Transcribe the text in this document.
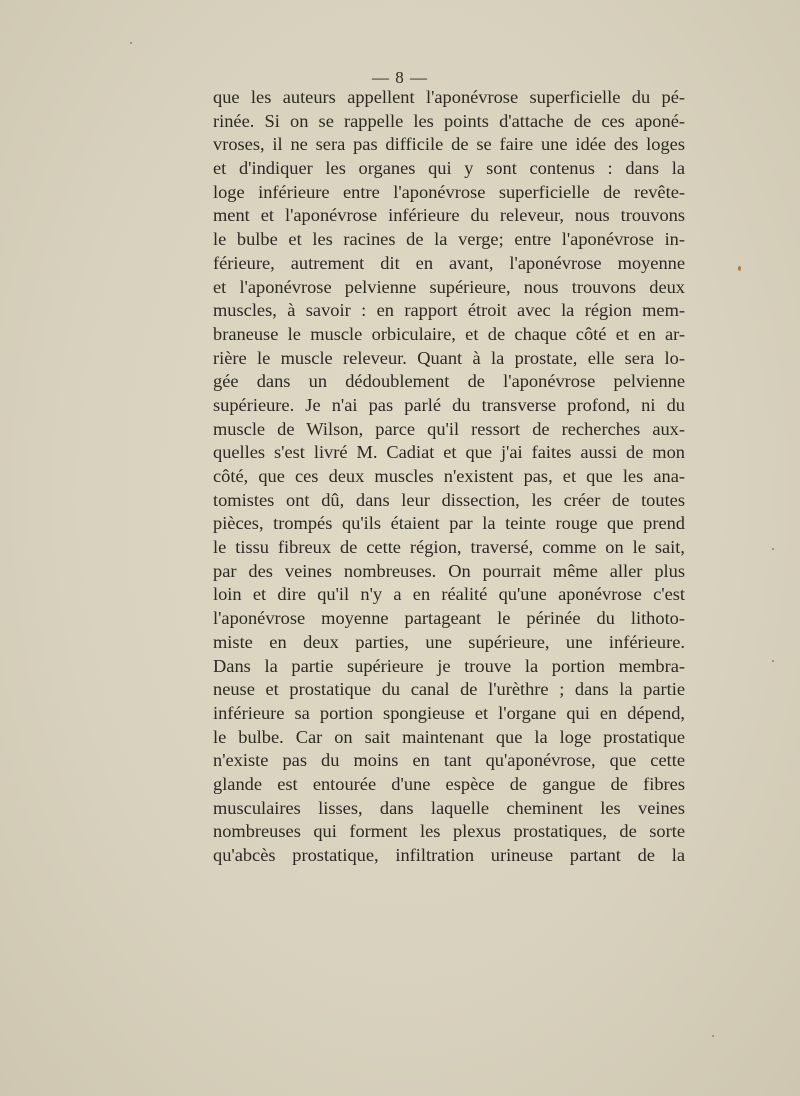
— 8 —
que les auteurs appellent l'aponévrose superficielle du pé-
rinée. Si on se rappelle les points d'attache de ces aponé-
vroses, il ne sera pas difficile de se faire une idée des loges
et d'indiquer les organes qui y sont contenus : dans la
loge inférieure entre l'aponévrose superficielle de revête-
ment et l'aponévrose inférieure du releveur, nous trouvons
le bulbe et les racines de la verge; entre l'aponévrose in-
férieure, autrement dit en avant, l'aponévrose moyenne
et l'aponévrose pelvienne supérieure, nous trouvons deux
muscles, à savoir : en rapport étroit avec la région mem-
braneuse le muscle orbiculaire, et de chaque côté et en ar-
rière le muscle releveur. Quant à la prostate, elle sera lo-
gée dans un dédoublement de l'aponévrose pelvienne
supérieure. Je n'ai pas parlé du transverse profond, ni du
muscle de Wilson, parce qu'il ressort de recherches aux-
quelles s'est livré M. Cadiat et que j'ai faites aussi de mon
côté, que ces deux muscles n'existent pas, et que les ana-
tomistes ont dû, dans leur dissection, les créer de toutes
pièces, trompés qu'ils étaient par la teinte rouge que prend
le tissu fibreux de cette région, traversé, comme on le sait,
par des veines nombreuses. On pourrait même aller plus
loin et dire qu'il n'y a en réalité qu'une aponévrose c'est
l'aponévrose moyenne partageant le périnée du lithoto-
miste en deux parties, une supérieure, une inférieure.
Dans la partie supérieure je trouve la portion membra-
neuse et prostatique du canal de l'urèthre ; dans la partie
inférieure sa portion spongieuse et l'organe qui en dépend,
le bulbe. Car on sait maintenant que la loge prostatique
n'existe pas du moins en tant qu'aponévrose, que cette
glande est entourée d'une espèce de gangue de fibres
musculaires lisses, dans laquelle cheminent les veines
nombreuses qui forment les plexus prostatiques, de sorte
qu'abcès prostatique, infiltration urineuse partant de la
